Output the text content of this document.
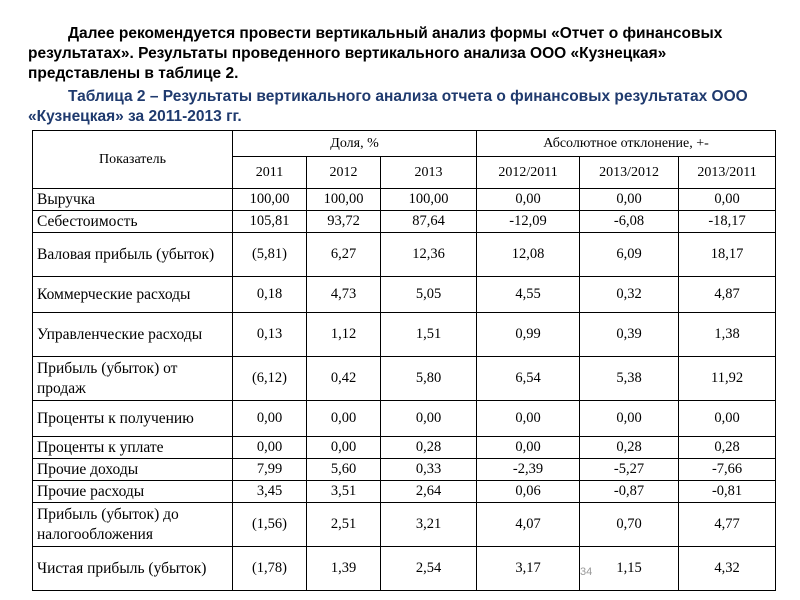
Далее рекомендуется провести вертикальный анализ формы «Отчет о финансовых результатах». Результаты проведенного вертикального анализа ООО «Кузнецкая» представлены в таблице 2.

Таблица 2 – Результаты вертикального анализа отчета о финансовых результатах ООО «Кузнецкая» за 2011-2013 гг.

Показатель	Доля, %			Абсолютное отклонение, +-		
	2011	2012	2013	2012/2011	2013/2012	2013/2011
Выручка	100,00	100,00	100,00	0,00	0,00	0,00
Себестоимость	105,81	93,72	87,64	-12,09	-6,08	-18,17
Валовая прибыль (убыток)	(5,81)	6,27	12,36	12,08	6,09	18,17
Коммерческие расходы	0,18	4,73	5,05	4,55	0,32	4,87
Управленческие расходы	0,13	1,12	1,51	0,99	0,39	1,38
Прибыль (убыток) от продаж	(6,12)	0,42	5,80	6,54	5,38	11,92
Проценты к получению	0,00	0,00	0,00	0,00	0,00	0,00
Проценты к уплате	0,00	0,00	0,28	0,00	0,28	0,28
Прочие доходы	7,99	5,60	0,33	-2,39	-5,27	-7,66
Прочие расходы	3,45	3,51	2,64	0,06	-0,87	-0,81
Прибыль (убыток) до налогообложения	(1,56)	2,51	3,21	4,07	0,70	4,77
Чистая прибыль (убыток)	(1,78)	1,39	2,54	3,17	1,15	4,32
34
